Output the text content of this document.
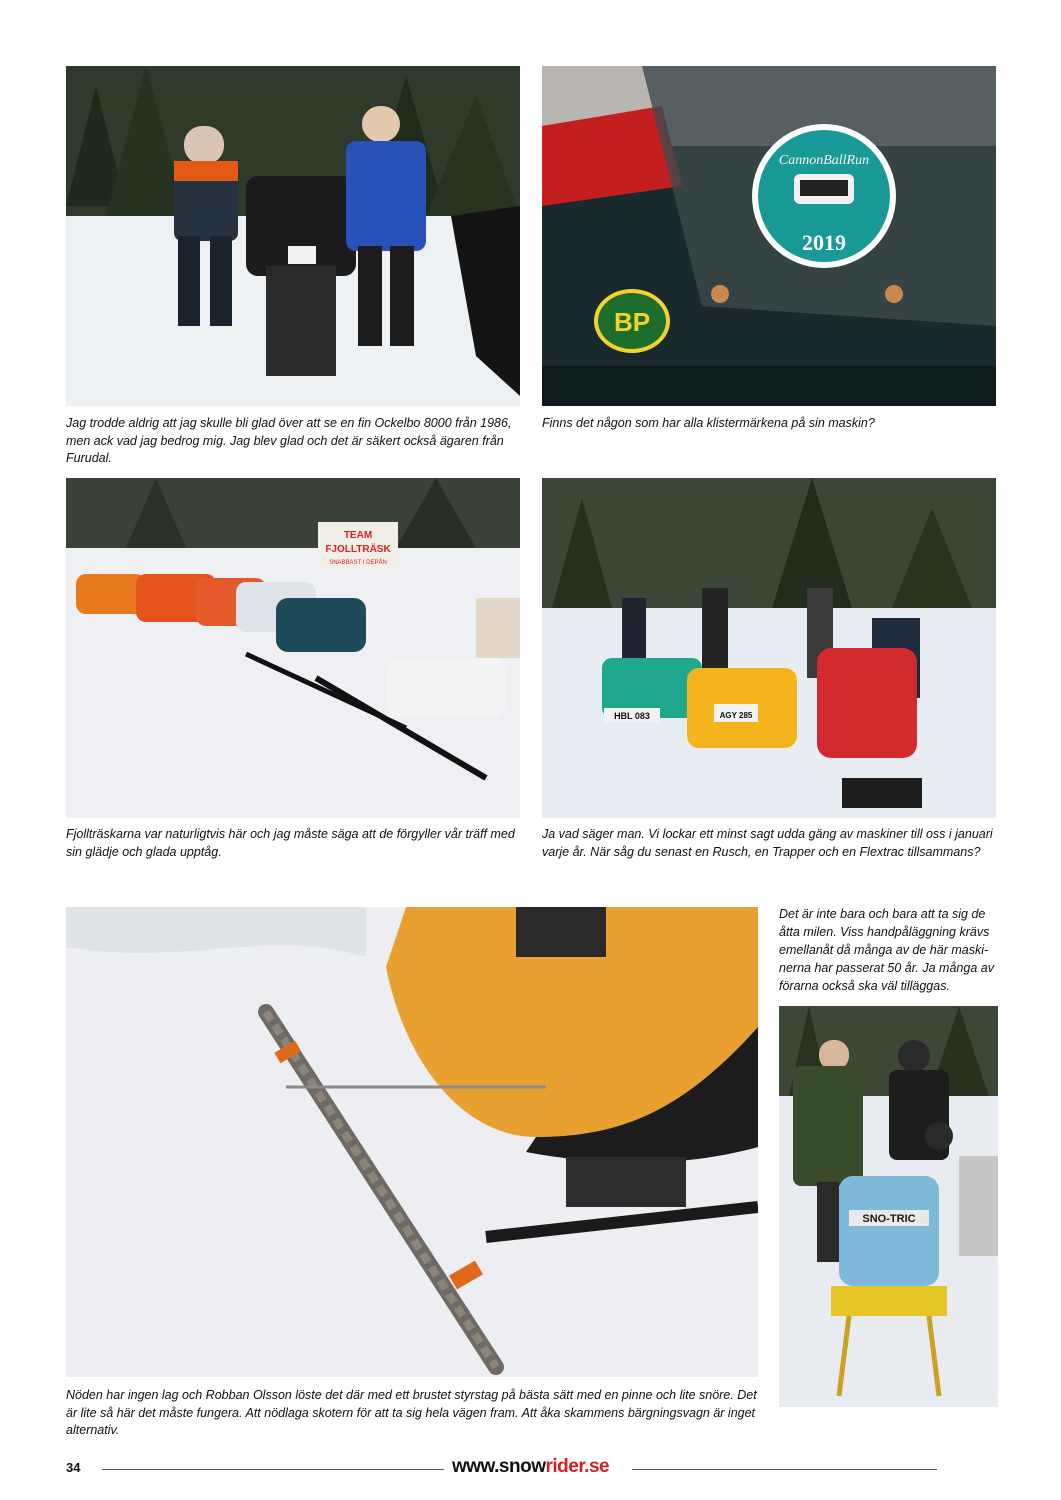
Jag trodde aldrig att jag skulle bli glad över att se en fin Ockelbo 8000 från 1986, men ack vad jag bedrog mig. Jag blev glad och det är säkert också ägaren från Furudal.
CannonBallRun
2019
BP
Finns det någon som har alla klistermärkena på sin maskin?
TEAM
FJOLLTRÄSK
SNABBAST I DEPÅN
Fjollträskarna var naturligtvis här och jag måste säga att de förgyller vår träff med sin glädje och glada upptåg.
HBL 083	AGY 285
Ja vad säger man. Vi lockar ett minst sagt udda gäng av maskiner till oss i januari varje år. När såg du senast en Rusch, en Trapper och en Flextrac tillsammans?
Nöden har ingen lag och Robban Olsson löste det där med ett brustet styrstag på bästa sätt med en pinne och lite snöre. Det är lite så här det måste fungera. Att nödlaga skotern för att ta sig hela vägen fram. Att åka skammens bärgningsvagn är inget alternativ.
Det är inte bara och bara att ta sig de åtta milen. Viss handpåläggning krävs emellanåt då många av de här maski-nerna har passerat 50 år. Ja många av förarna också ska väl tilläggas.
SNO-TRIC
34	www.snowrider.se
